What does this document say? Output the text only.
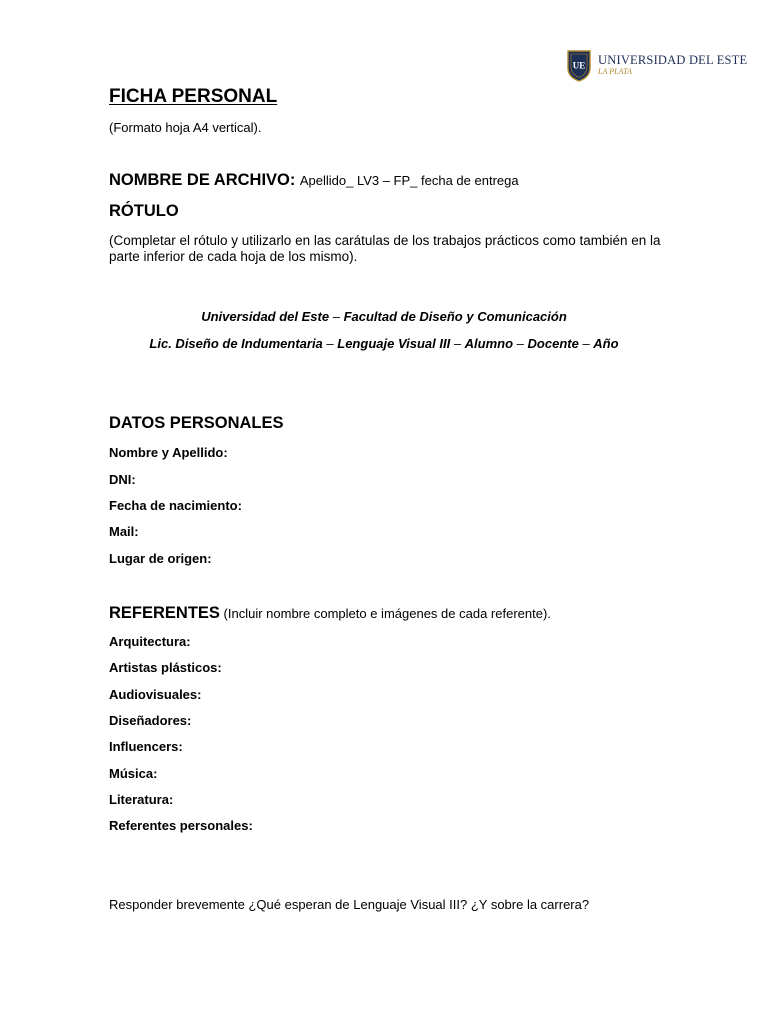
UE UNIVERSIDAD DEL ESTE
LA PLATA
FICHA PERSONAL
(Formato hoja A4 vertical).
NOMBRE DE ARCHIVO: Apellido_ LV3 – FP_ fecha de entrega
RÓTULO
(Completar el rótulo y utilizarlo en las carátulas de los trabajos prácticos como también en la parte inferior de cada hoja de los mismo).
Universidad del Este – Facultad de Diseño y Comunicación
Lic. Diseño de Indumentaria – Lenguaje Visual III – Alumno – Docente – Año
DATOS PERSONALES
Nombre y Apellido:
DNI:
Fecha de nacimiento:
Mail:
Lugar de origen:
REFERENTES (Incluir nombre completo e imágenes de cada referente).
Arquitectura:
Artistas plásticos:
Audiovisuales:
Diseñadores:
Influencers:
Música:
Literatura:
Referentes personales:
Responder brevemente ¿Qué esperan de Lenguaje Visual III? ¿Y sobre la carrera?
